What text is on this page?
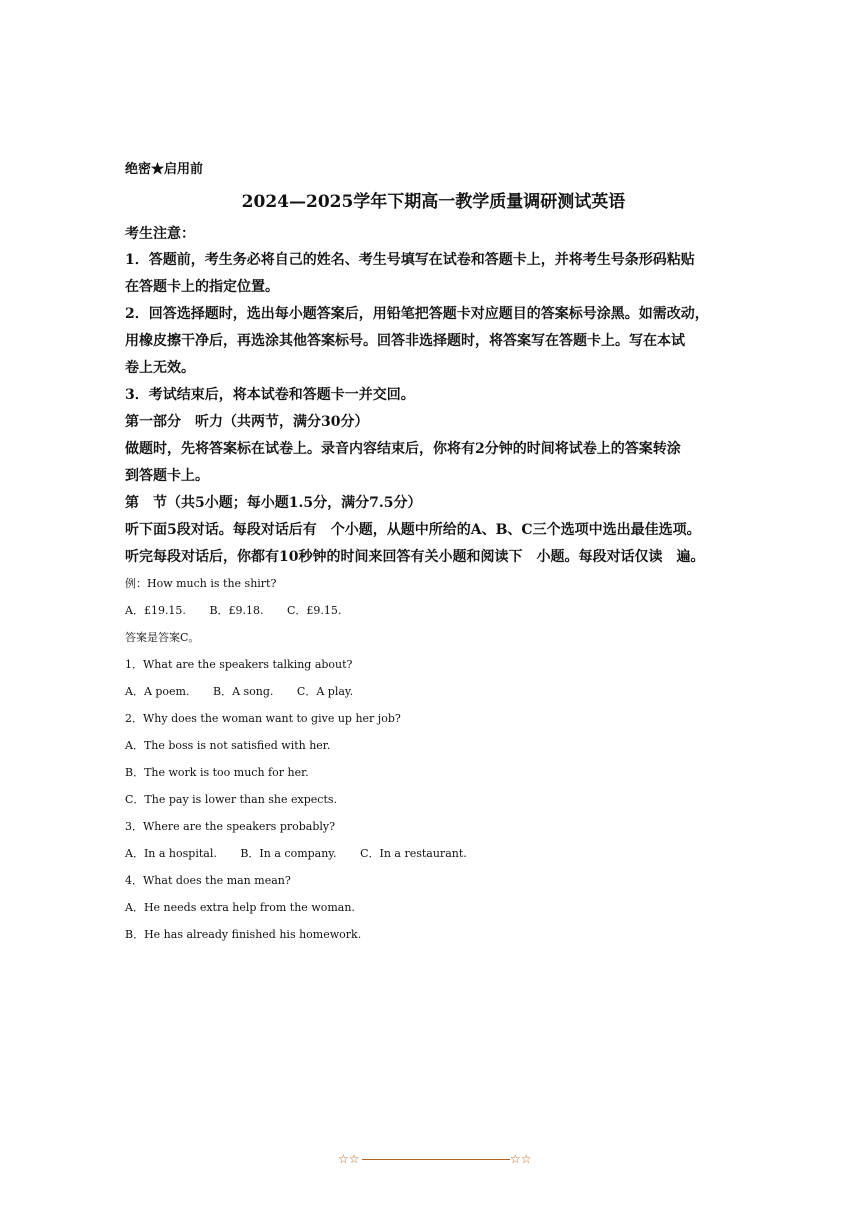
绝密★启用前
2024—2025学年下期高一教学质量调研测试英语
考生注意：
1．答题前，考生务必将自己的姓名、考生号填写在试卷和答题卡上，并将考生号条形码粘贴
在答题卡上的指定位置。
2．回答选择题时，选出每小题答案后，用铅笔把答题卡对应题目的答案标号涂黑。如需改动，
用橡皮擦干净后，再选涂其他答案标号。回答非选择题时，将答案写在答题卡上。写在本试
卷上无效。
3．考试结束后，将本试卷和答题卡一并交回。
第一部分　听力（共两节，满分30分）
做题时，先将答案标在试卷上。录音内容结束后，你将有2分钟的时间将试卷上的答案转涂
到答题卡上。
第　节（共5小题；每小题1.5分，满分7.5分）
听下面5段对话。每段对话后有　个小题，从题中所给的A、B、C三个选项中选出最佳选项。
听完每段对话后，你都有10秒钟的时间来回答有关小题和阅读下　小题。每段对话仅读　遍。
例：How much is the shirt?
A．£19.15. B．£9.18. C．£9.15.
答案是答案C。
1．What are the speakers talking about?
A．A poem. B．A song. C．A play.
2．Why does the woman want to give up her job?
A．The boss is not satisfied with her.
B．The work is too much for her.
C．The pay is lower than she expects.
3．Where are the speakers probably?
A．In a hospital. B．In a company. C．In a restaurant.
4．What does the man mean?
A．He needs extra help from the woman.
B．He has already finished his homework.
☆☆	☆☆
